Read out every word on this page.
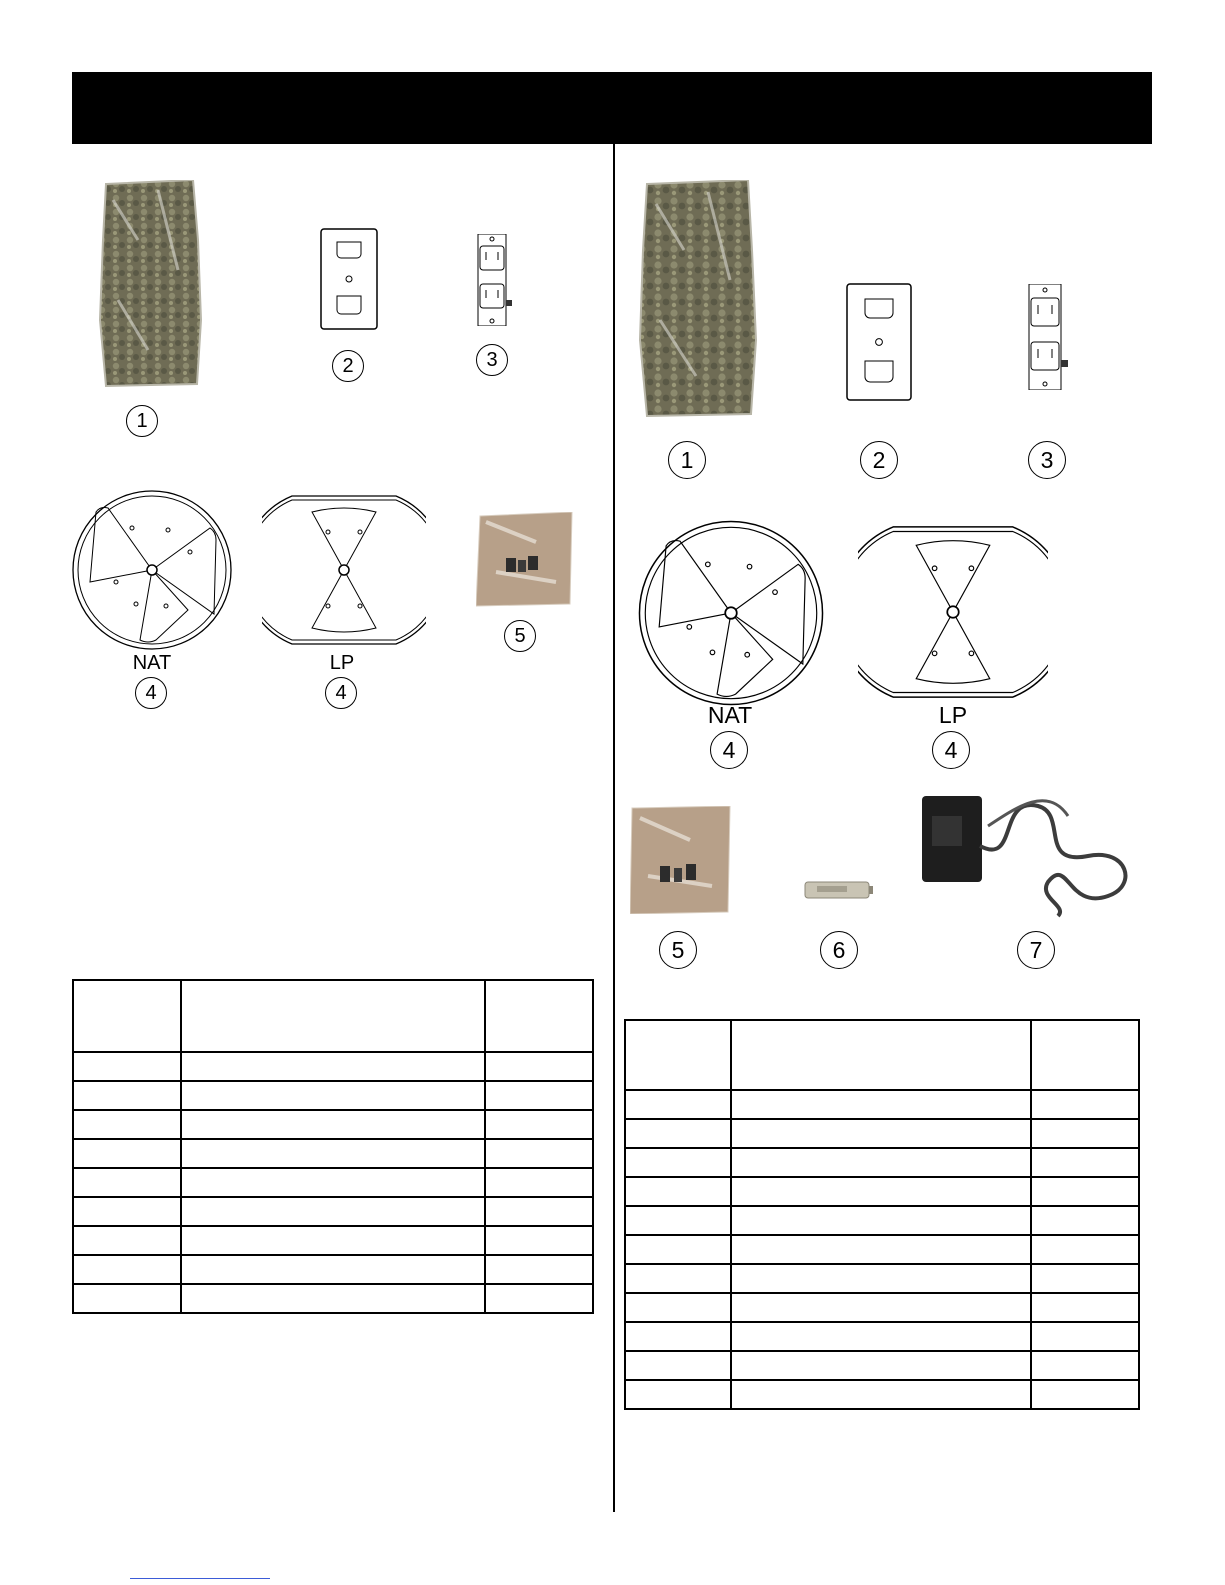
1
2	3
NAT
4
LP
4
5

1	2	3
NAT
4
LP
4
5	6	7
